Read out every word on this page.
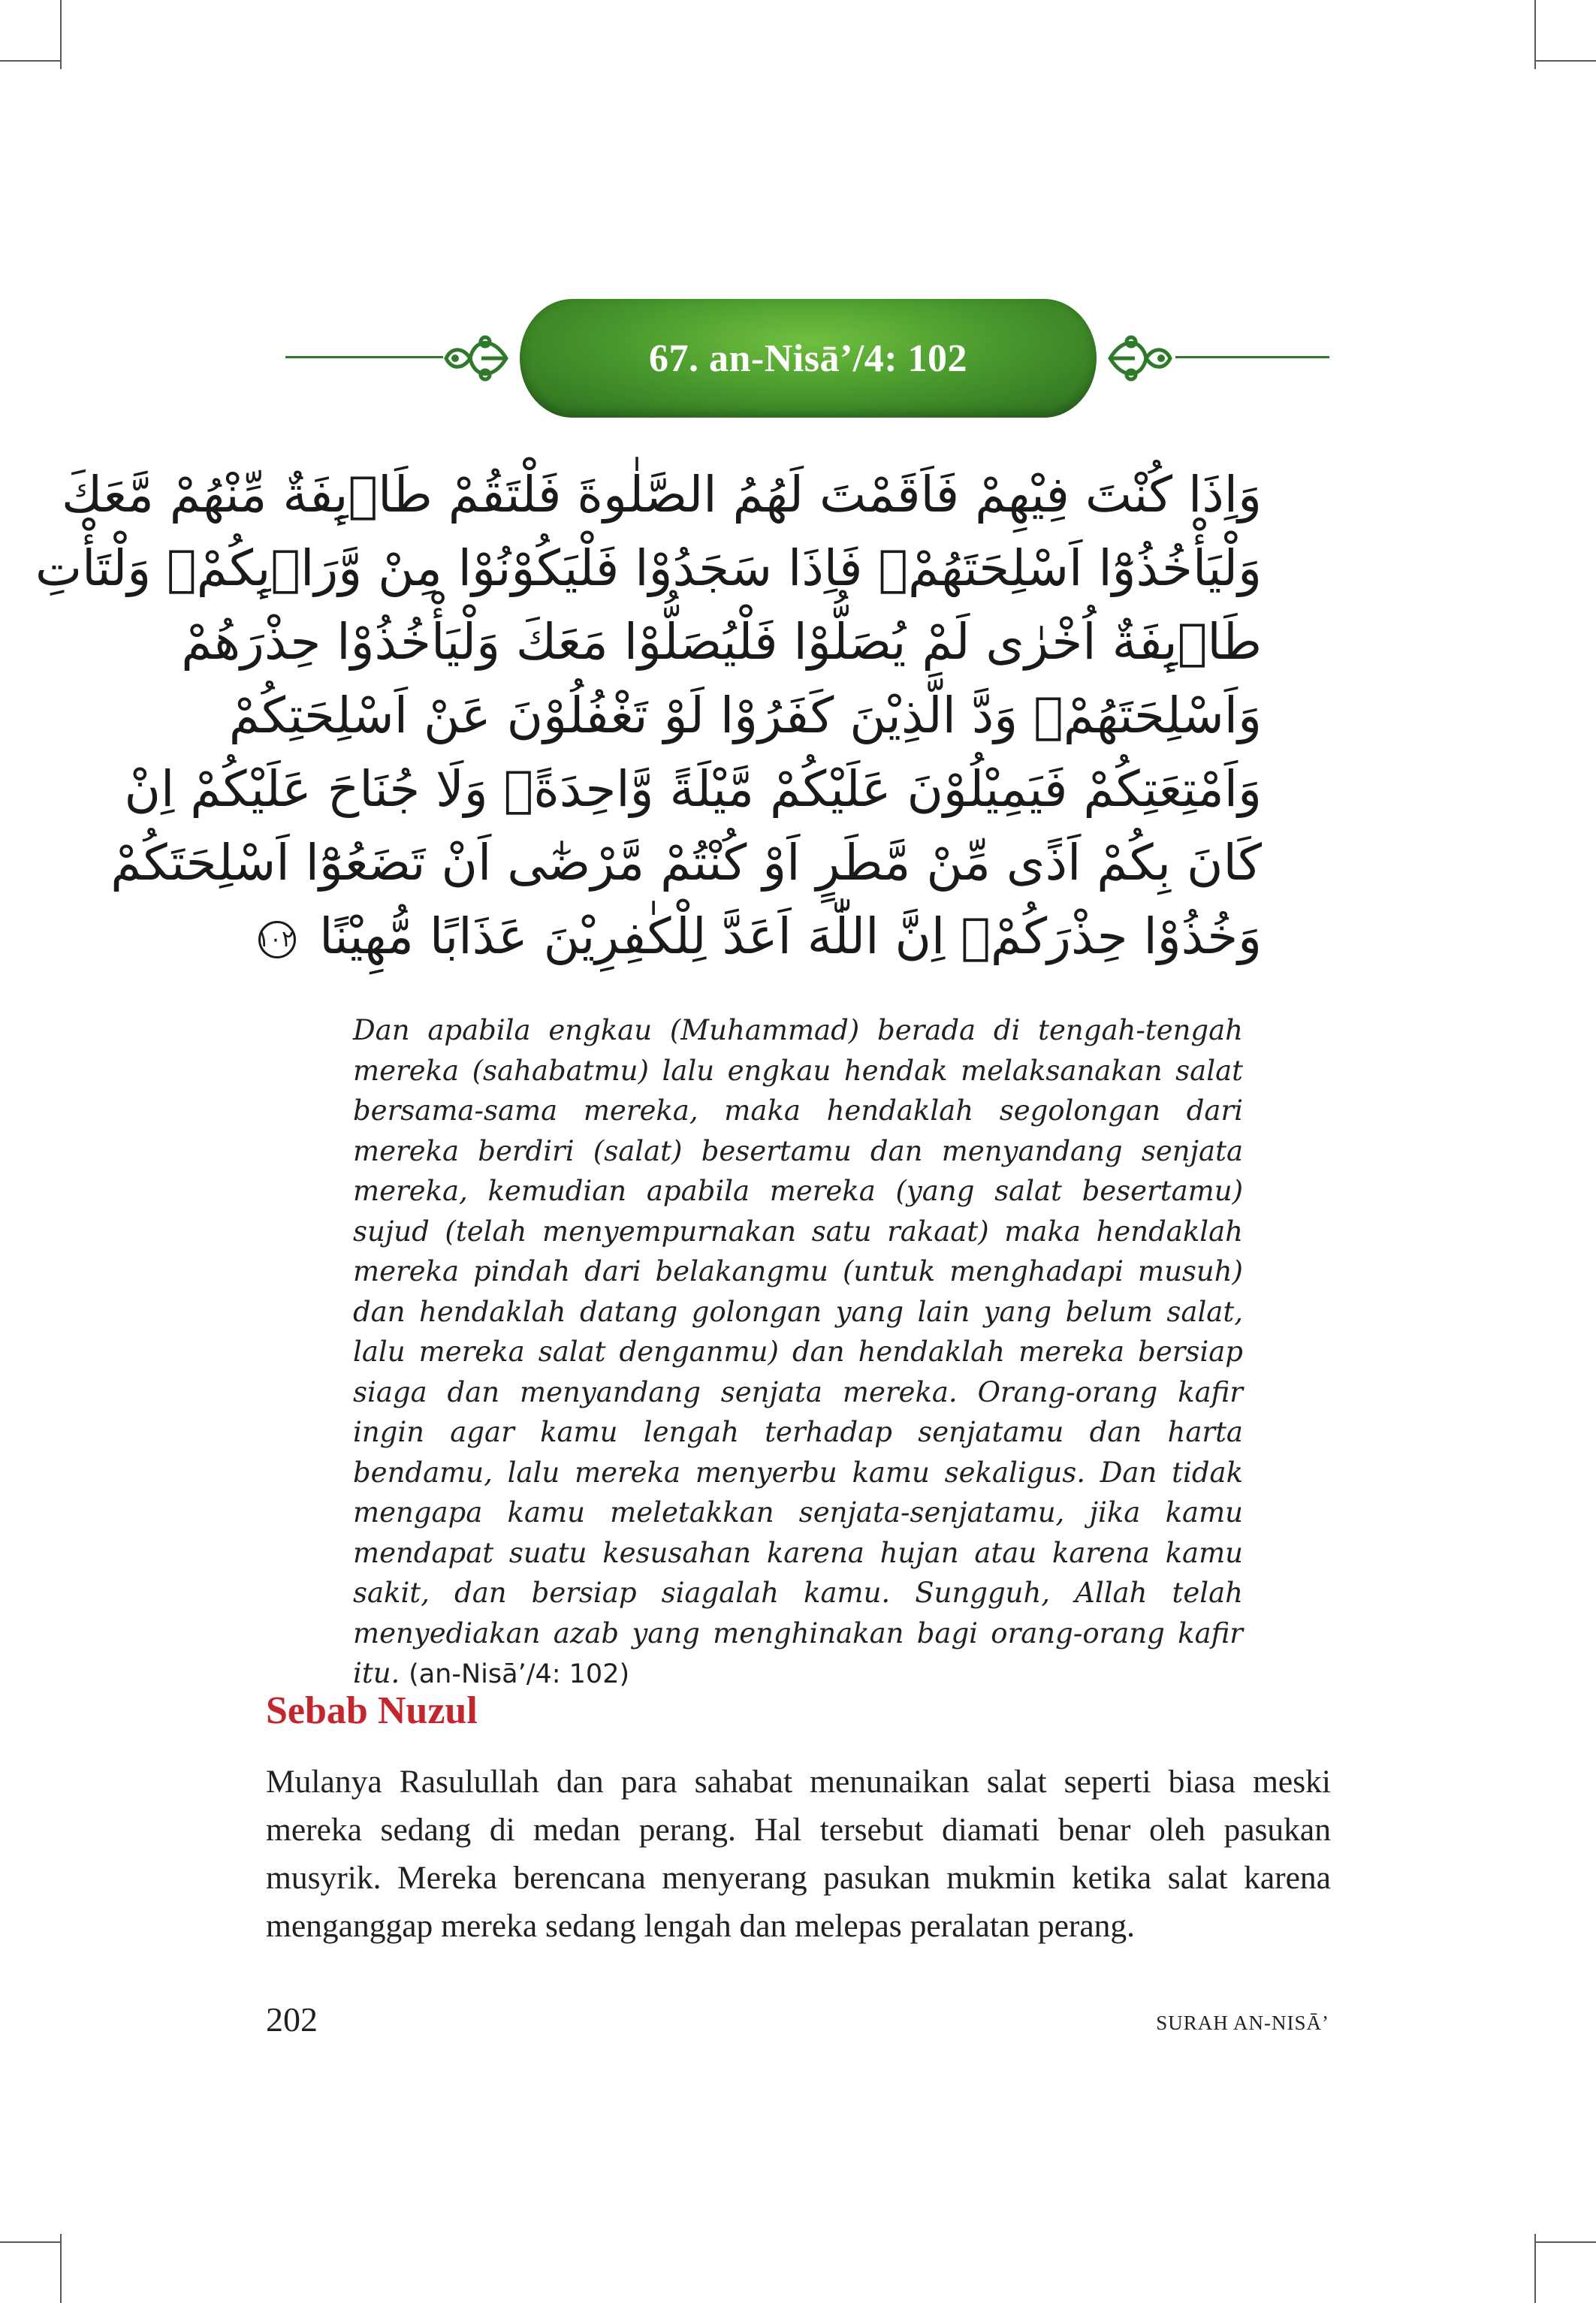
67. an-Nisā’/4: 102
وَاِذَا كُنْتَ فِيْهِمْ فَاَقَمْتَ لَهُمُ الصَّلٰوةَ فَلْتَقُمْ طَاۤىِٕفَةٌ مِّنْهُمْ مَّعَكَ
وَلْيَأْخُذُوْٓا اَسْلِحَتَهُمْۗ فَاِذَا سَجَدُوْا فَلْيَكُوْنُوْا مِنْ وَّرَاۤىِٕكُمْۖ وَلْتَأْتِ
طَاۤىِٕفَةٌ اُخْرٰى لَمْ يُصَلُّوْا فَلْيُصَلُّوْا مَعَكَ وَلْيَأْخُذُوْا حِذْرَهُمْ
وَاَسْلِحَتَهُمْۚ وَدَّ الَّذِيْنَ كَفَرُوْا لَوْ تَغْفُلُوْنَ عَنْ اَسْلِحَتِكُمْ
وَاَمْتِعَتِكُمْ فَيَمِيْلُوْنَ عَلَيْكُمْ مَّيْلَةً وَّاحِدَةًۗ وَلَا جُنَاحَ عَلَيْكُمْ اِنْ
كَانَ بِكُمْ اَذًى مِّنْ مَّطَرٍ اَوْ كُنْتُمْ مَّرْضٰٓى اَنْ تَضَعُوْٓا اَسْلِحَتَكُمْ
وَخُذُوْا حِذْرَكُمْۗ اِنَّ اللّٰهَ اَعَدَّ لِلْكٰفِرِيْنَ عَذَابًا مُّهِيْنًا ١٠٢
Dan apabila engkau (Muhammad) berada di tengah-tengah mereka (sahabatmu) lalu engkau hendak melaksanakan salat bersama-sama mereka, maka hendaklah segolongan dari mereka berdiri (salat) besertamu dan menyandang senjata mereka, kemudian apabila mereka (yang salat besertamu) sujud (telah menyempurnakan satu rakaat) maka hendaklah mereka pindah dari belakangmu (untuk menghadapi musuh) dan hendaklah datang golongan yang lain yang belum salat, lalu mereka salat denganmu) dan hendaklah mereka bersiap siaga dan menyandang senjata mereka. Orang-orang kafir ingin agar kamu lengah terhadap senjatamu dan harta bendamu, lalu mereka menyerbu kamu sekaligus. Dan tidak mengapa kamu meletakkan senjata-senjatamu, jika kamu mendapat suatu kesusahan karena hujan atau karena kamu sakit, dan bersiap siagalah kamu. Sungguh, Allah telah menyediakan azab yang menghinakan bagi orang-orang kafir itu. (an-Nisā’/4: 102)
Sebab Nuzul
Mulanya Rasulullah dan para sahabat menunaikan salat seperti biasa meski mereka sedang di medan perang. Hal tersebut diamati benar oleh pasukan musyrik. Mereka berencana menyerang pasukan mukmin ketika salat karena menganggap mereka sedang lengah dan melepas peralatan perang.
202	SURAH AN-NISĀ’
